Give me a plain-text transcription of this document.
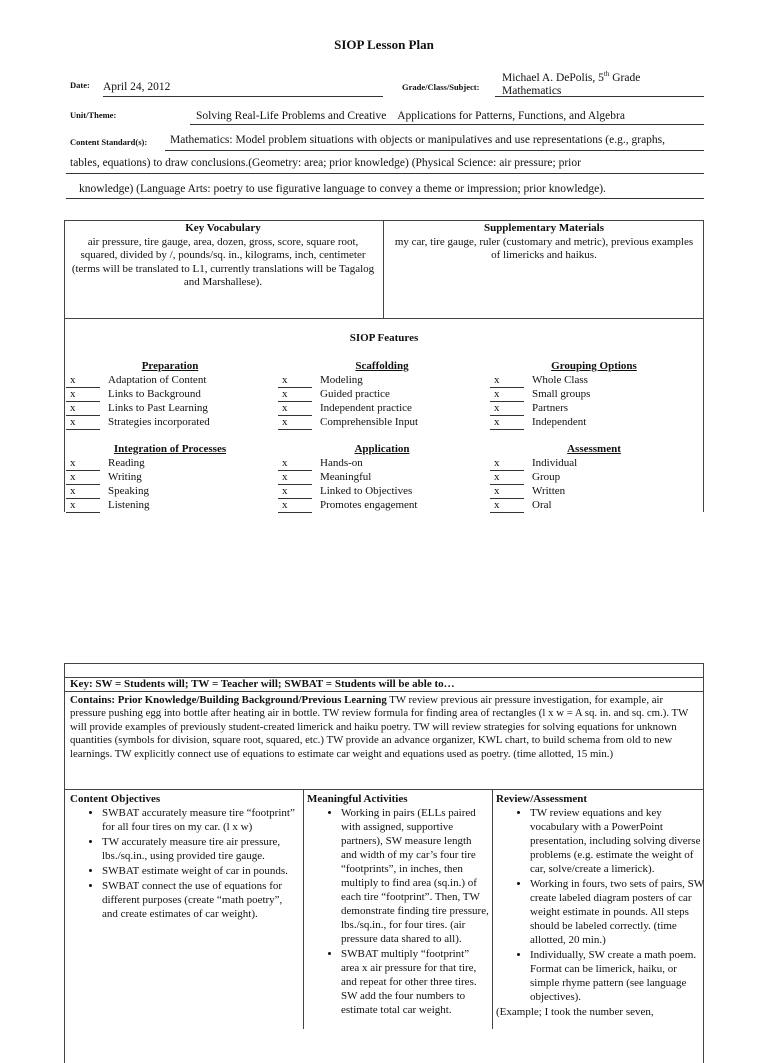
SIOP Lesson Plan
Date: April 24, 2012	Grade/Class/Subject:
Michael A. DePolis, 5th Grade
Mathematics
Unit/Theme:	Solving Real-Life Problems and Creative    Applications for Patterns, Functions, and Algebra
Content Standard(s): Mathematics: Model problem situations with objects or manipulatives and use representations (e.g., graphs,
tables, equations) to draw conclusions.(Geometry: area; prior knowledge) (Physical Science: air pressure; prior
knowledge) (Language Arts: poetry to use figurative language to convey a theme or impression; prior knowledge).
Key Vocabulary
air pressure, tire gauge, area, dozen, gross, score, square root, squared, divided by /, pounds/sq. in., kilograms, inch, centimeter (terms will be translated to L1, currently translations will be Tagalog and Marshallese).
Supplementary Materials
my car, tire gauge, ruler (customary and metric), previous examples of limericks and haikus.
SIOP Features
Preparation
x	Adaptation of Content
x	Links to Background
x	Links to Past Learning
x	Strategies incorporated
Scaffolding
x	Modeling
x	Guided practice
x	Independent practice
x	Comprehensible Input
Grouping Options
x	Whole Class
x	Small groups
x	Partners
x	Independent
Integration of Processes
x	Reading
x	Writing
x	Speaking
x	Listening
Application
x	Hands-on
x	Meaningful
x	Linked to Objectives
x	Promotes engagement
Assessment
x	Individual
x	Group
x	Written
x	Oral
Key: SW = Students will; TW = Teacher will; SWBAT = Students will be able to…
Contains: Prior Knowledge/Building Background/Previous Learning TW review previous air pressure investigation, for example, air pressure pushing egg into bottle after heating air in bottle. TW review formula for finding area of rectangles (l x w = A sq. in. and sq. cm.). TW will provide examples of previously student-created limerick and haiku poetry. TW will review strategies for solving equations for unknown quantities (symbols for division, square root, squared, etc.) TW provide an advance organizer, KWL chart, to build schema from old to new learnings. TW explicitly connect use of equations to estimate car weight and equations used as poetry. (time allotted, 15 min.)
Content Objectives
• SWBAT accurately measure tire “footprint” for all four tires on my car. (l x w)
• TW accurately measure tire air pressure, lbs./sq.in., using provided tire gauge.
• SWBAT estimate weight of car in pounds.
• SWBAT connect the use of equations for different purposes (create “math poetry”, and create estimates of car weight).
Meaningful Activities
• Working in pairs (ELLs paired with assigned, supportive partners), SW measure length and width of my car’s four tire “footprints”, in inches, then multiply to find area (sq.in.) of each tire “footprint”. Then, TW demonstrate finding tire pressure, lbs./sq.in., for four tires. (air pressure data shared to all).
• SWBAT multiply “footprint” area x air pressure for that tire, and repeat for other three tires. SW add the four numbers to estimate total car weight.
Review/Assessment
• TW review equations and key vocabulary with a PowerPoint presentation, including solving diverse problems (e.g. estimate the weight of car, solve/create a limerick).
• Working in fours, two sets of pairs, SW create labeled diagram posters of car weight estimate in pounds. All steps should be labeled correctly. (time allotted, 20 min.)
• Individually, SW create a math poem. Format can be limerick, haiku, or simple rhyme pattern (see language objectives).
(Example; I took the number seven,
